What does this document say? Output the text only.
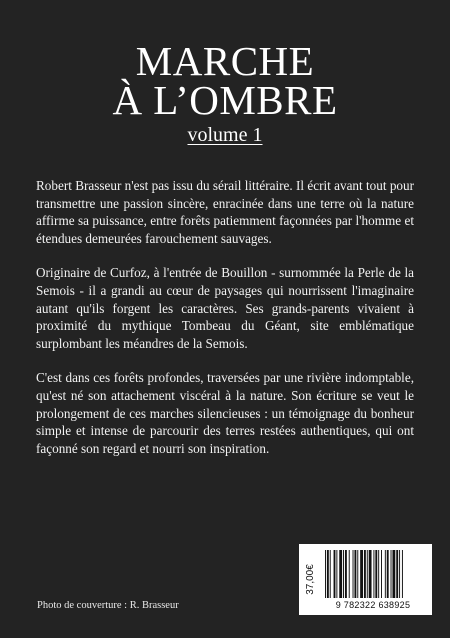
MARCHE
À L’OMBRE
volume 1

Robert Brasseur n'est pas issu du sérail littéraire. Il écrit avant tout pour transmettre une passion sincère, enracinée dans une terre où la nature affirme sa puissance, entre forêts patiemment façonnées par l'homme et étendues demeurées farouchement sauvages.

Originaire de Curfoz, à l'entrée de Bouillon - surnommée la Perle de la Semois - il a grandi au cœur de paysages qui nourrissent l'imaginaire autant qu'ils forgent les caractères. Ses grands-parents vivaient à proximité du mythique Tombeau du Géant, site emblématique surplombant les méandres de la Semois.

C'est dans ces forêts profondes, traversées par une rivière indomptable, qu'est né son attachement viscéral à la nature. Son écriture se veut le prolongement de ces marches silencieuses : un témoignage du bonheur simple et intense de parcourir des terres restées authentiques, qui ont façonné son regard et nourri son inspiration.

37,00€
9 782322 638925
Photo de couverture : R. Brasseur
